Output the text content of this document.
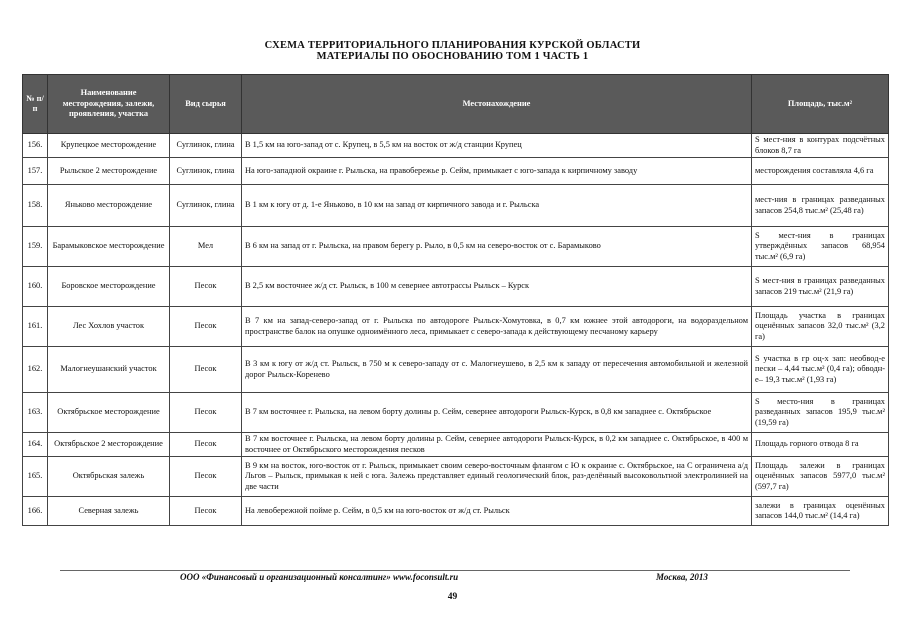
СХЕМА ТЕРРИТОРИАЛЬНОГО ПЛАНИРОВАНИЯ КУРСКОЙ ОБЛАСТИ
МАТЕРИАЛЫ ПО ОБОСНОВАНИЮ ТОМ 1 ЧАСТЬ 1
№ п/ п	Наименование месторождения, залежи, проявления, участка	Вид сырья	Местонахождение	Площадь, тыс.м²
156.	Крупецкое месторождение	Суглинок, глина	В 1,5 км на юго-запад от с. Крупец, в 5,5 км на восток от ж/д станции Крупец	S мест-ния в контурах подсчётных блоков 8,7 га
157.	Рыльское 2 месторождение	Суглинок, глина	На юго-западной окраине г. Рыльска, на правобережье р. Сейм, примыкает с юго-запада к кирпичному заводу	месторождения составляла 4,6 га
158.	Яньково месторождение	Суглинок, глина	В 1 км к югу от д. 1-е Яньково, в 10 км на запад от кирпичного завода и г. Рыльска	мест-ния в границах разведанных запасов 254,8 тыс.м² (25,48 га)
159.	Барамыковское месторождение	Мел	В 6 км на запад от г. Рыльска, на правом берегу р. Рыло, в 0,5 км на северо-восток от с. Барамыково	S мест-ния в границах утверждённых запасов 68,954 тыс.м² (6,9 га)
160.	Боровское месторождение	Песок	В 2,5 км восточнее ж/д ст. Рыльск, в 100 м севернее автотрассы Рыльск – Курск	S мест-ния в границах разведанных запасов 219 тыс.м² (21,9 га)
161.	Лес Хохлов участок	Песок	В 7 км на запад-северо-запад от г. Рыльска по автодороге Рыльск-Хомутовка, в 0,7 км южнее этой автодороги, на водораздельном пространстве балок на опушке одноимённого леса, примыкает с северо-запада к действующему песчаному карьеру	Площадь участка в границах оценённых запасов 32,0 тыс.м² (3,2 га)
162.	Малогнеушанский участок	Песок	В 3 км к югу от ж/д ст. Рыльск, в 750 м к северо-западу от с. Малогнеушево, в 2,5 км к западу от пересечения автомобильной и железной дорог Рыльск-Коренево	S участка в гр оц-х зап: необвод-е пески – 4,44 тыс.м² (0,4 га); обводн-е– 19,3 тыс.м² (1,93 га)
163.	Октябрьское месторождение	Песок	В 7 км восточнее г. Рыльска, на левом борту долины р. Сейм, севернее автодороги Рыльск-Курск, в 0,8 км западнее с. Октябрьское	S место-ния в границах разведанных запасов 195,9 тыс.м² (19,59 га)
164.	Октябрьское 2 месторождение	Песок	В 7 км восточнее г. Рыльска, на левом борту долины р. Сейм, севернее автодороги Рыльск-Курск, в 0,2 км западнее с. Октябрьское, в 400 м восточнее от Октябрьского месторождения песков	Площадь горного отвода 8 га
165.	Октябрьская залежь	Песок	В 9 км на восток, юго-восток от г. Рыльск, примыкает своим северо-восточным флангом с Ю к окраине с. Октябрьское, на С ограничена а/д Льгов – Рыльск, примыкая к ней с юга. Залежь представляет единый геологический блок, раз-делённый высоковольтной электролинией на две части	Площадь залежи в границах оценённых запасов 5977,0 тыс.м² (597,7 га)
166.	Северная залежь	Песок	На левобережной пойме р. Сейм, в 0,5 км на юго-восток от ж/д ст. Рыльск	залежи в границах оценённых запасов 144,0 тыс.м² (14,4 га)
ООО «Финансовый и организационный консалтинг» www.foconsult.ru	Москва, 2013
49
